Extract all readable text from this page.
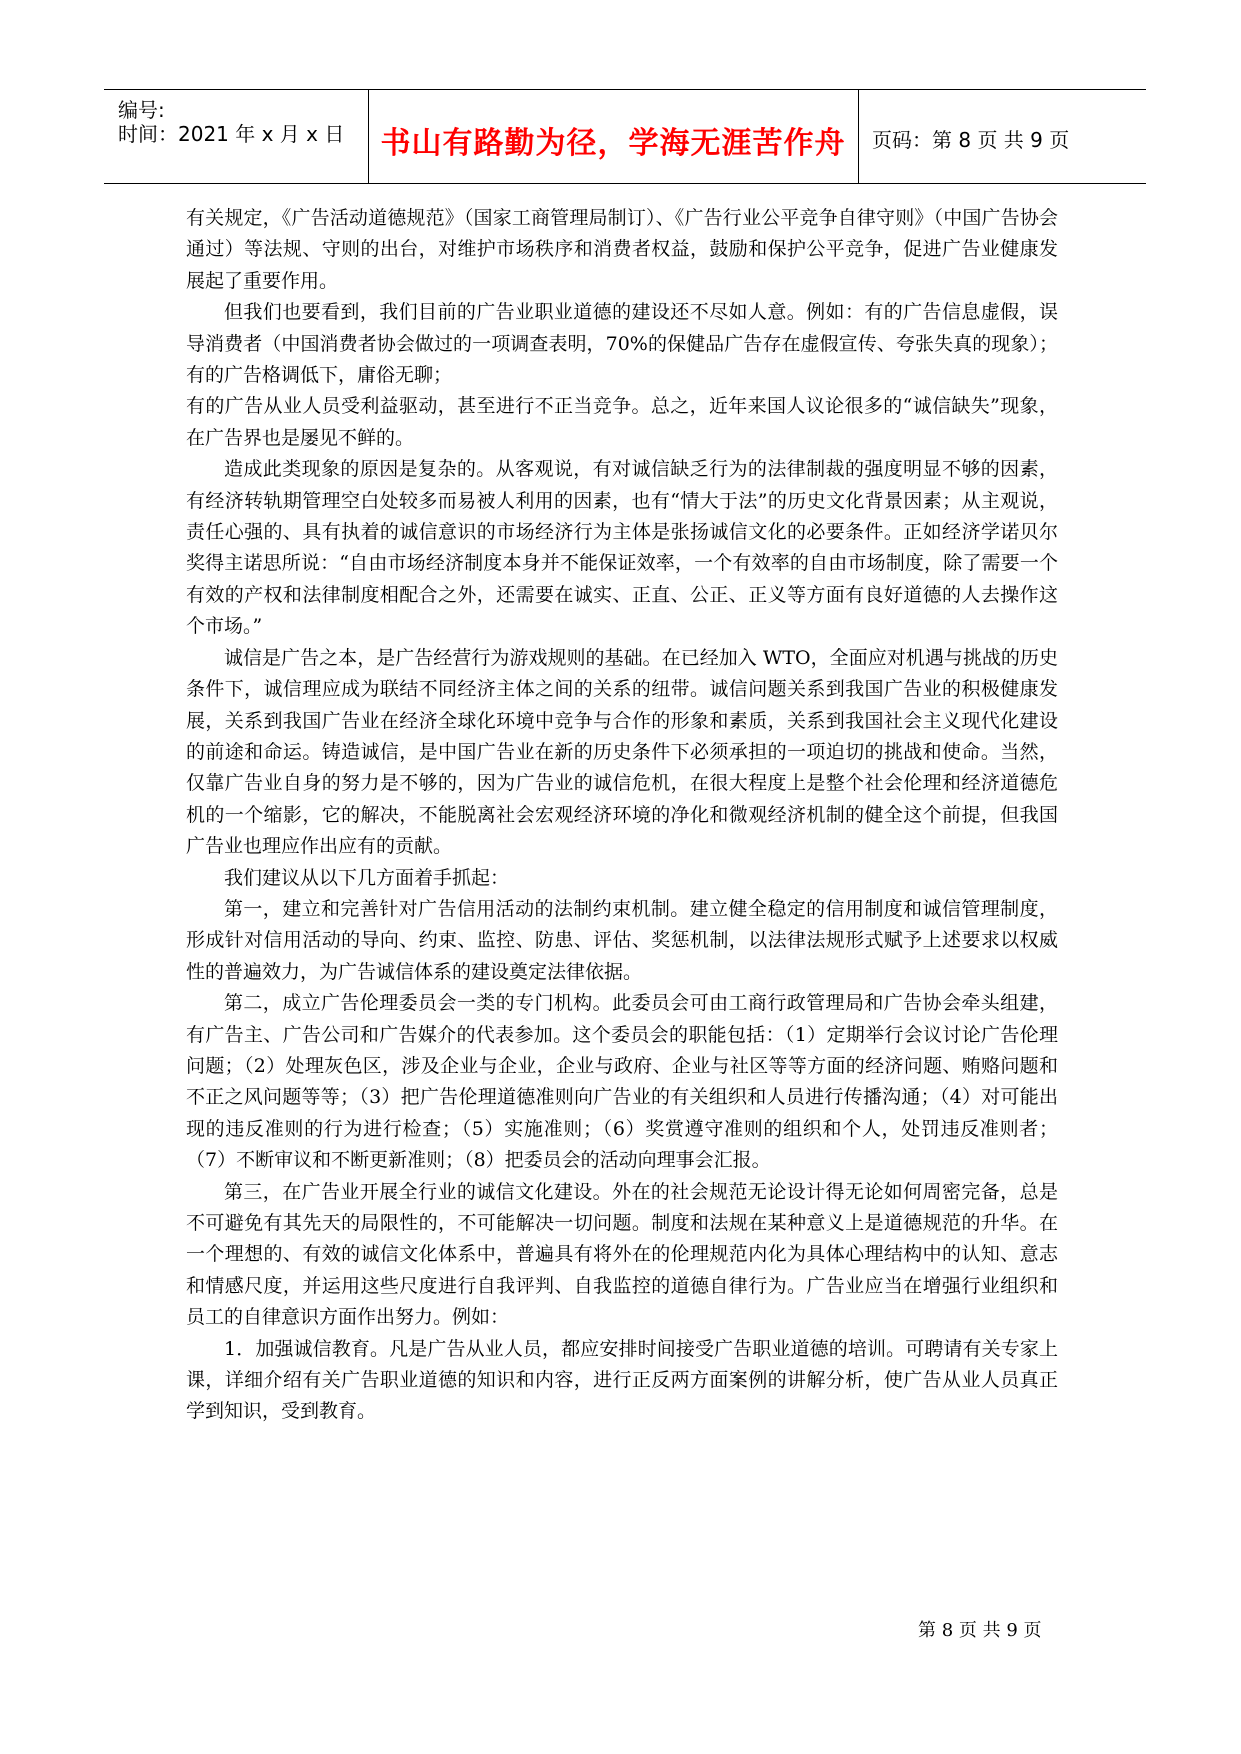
编号:
时间：2021 年 x 月 x 日	书山有路勤为径，学海无涯苦作舟	页码：第 8 页 共 9 页

有关规定，《广告活动道德规范》（国家工商管理局制订）、《广告行业公平竞争自律守则》（中国广告协会通过）等法规、守则的出台，对维护市场秩序和消费者权益，鼓励和保护公平竞争，促进广告业健康发展起了重要作用。

但我们也要看到，我们目前的广告业职业道德的建设还不尽如人意。例如：有的广告信息虚假，误导消费者（中国消费者协会做过的一项调查表明，70%的保健品广告存在虚假宣传、夸张失真的现象）；有的广告格调低下，庸俗无聊；

有的广告从业人员受利益驱动，甚至进行不正当竞争。总之，近年来国人议论很多的“诚信缺失”现象，在广告界也是屡见不鲜的。

造成此类现象的原因是复杂的。从客观说，有对诚信缺乏行为的法律制裁的强度明显不够的因素，有经济转轨期管理空白处较多而易被人利用的因素，也有“情大于法”的历史文化背景因素；从主观说，责任心强的、具有执着的诚信意识的市场经济行为主体是张扬诚信文化的必要条件。正如经济学诺贝尔奖得主诺思所说：“自由市场经济制度本身并不能保证效率，一个有效率的自由市场制度，除了需要一个有效的产权和法律制度相配合之外，还需要在诚实、正直、公正、正义等方面有良好道德的人去操作这个市场。”

诚信是广告之本，是广告经营行为游戏规则的基础。在已经加入 WTO，全面应对机遇与挑战的历史条件下，诚信理应成为联结不同经济主体之间的关系的纽带。诚信问题关系到我国广告业的积极健康发展，关系到我国广告业在经济全球化环境中竞争与合作的形象和素质，关系到我国社会主义现代化建设的前途和命运。铸造诚信，是中国广告业在新的历史条件下必须承担的一项迫切的挑战和使命。当然，仅靠广告业自身的努力是不够的，因为广告业的诚信危机，在很大程度上是整个社会伦理和经济道德危机的一个缩影，它的解决，不能脱离社会宏观经济环境的净化和微观经济机制的健全这个前提，但我国广告业也理应作出应有的贡献。

我们建议从以下几方面着手抓起：

第一，建立和完善针对广告信用活动的法制约束机制。建立健全稳定的信用制度和诚信管理制度，形成针对信用活动的导向、约束、监控、防患、评估、奖惩机制，以法律法规形式赋予上述要求以权威性的普遍效力，为广告诚信体系的建设奠定法律依据。

第二，成立广告伦理委员会一类的专门机构。此委员会可由工商行政管理局和广告协会牵头组建，有广告主、广告公司和广告媒介的代表参加。这个委员会的职能包括：（1）定期举行会议讨论广告伦理问题；（2）处理灰色区，涉及企业与企业，企业与政府、企业与社区等等方面的经济问题、贿赂问题和不正之风问题等等；（3）把广告伦理道德准则向广告业的有关组织和人员进行传播沟通；（4）对可能出现的违反准则的行为进行检查；（5）实施准则；（6）奖赏遵守准则的组织和个人，处罚违反准则者；（7）不断审议和不断更新准则；（8）把委员会的活动向理事会汇报。

第三，在广告业开展全行业的诚信文化建设。外在的社会规范无论设计得无论如何周密完备，总是不可避免有其先天的局限性的，不可能解决一切问题。制度和法规在某种意义上是道德规范的升华。在一个理想的、有效的诚信文化体系中，普遍具有将外在的伦理规范内化为具体心理结构中的认知、意志和情感尺度，并运用这些尺度进行自我评判、自我监控的道德自律行为。广告业应当在增强行业组织和员工的自律意识方面作出努力。例如：

1．加强诚信教育。凡是广告从业人员，都应安排时间接受广告职业道德的培训。可聘请有关专家上课，详细介绍有关广告职业道德的知识和内容，进行正反两方面案例的讲解分析，使广告从业人员真正学到知识，受到教育。

第 8 页 共 9 页
